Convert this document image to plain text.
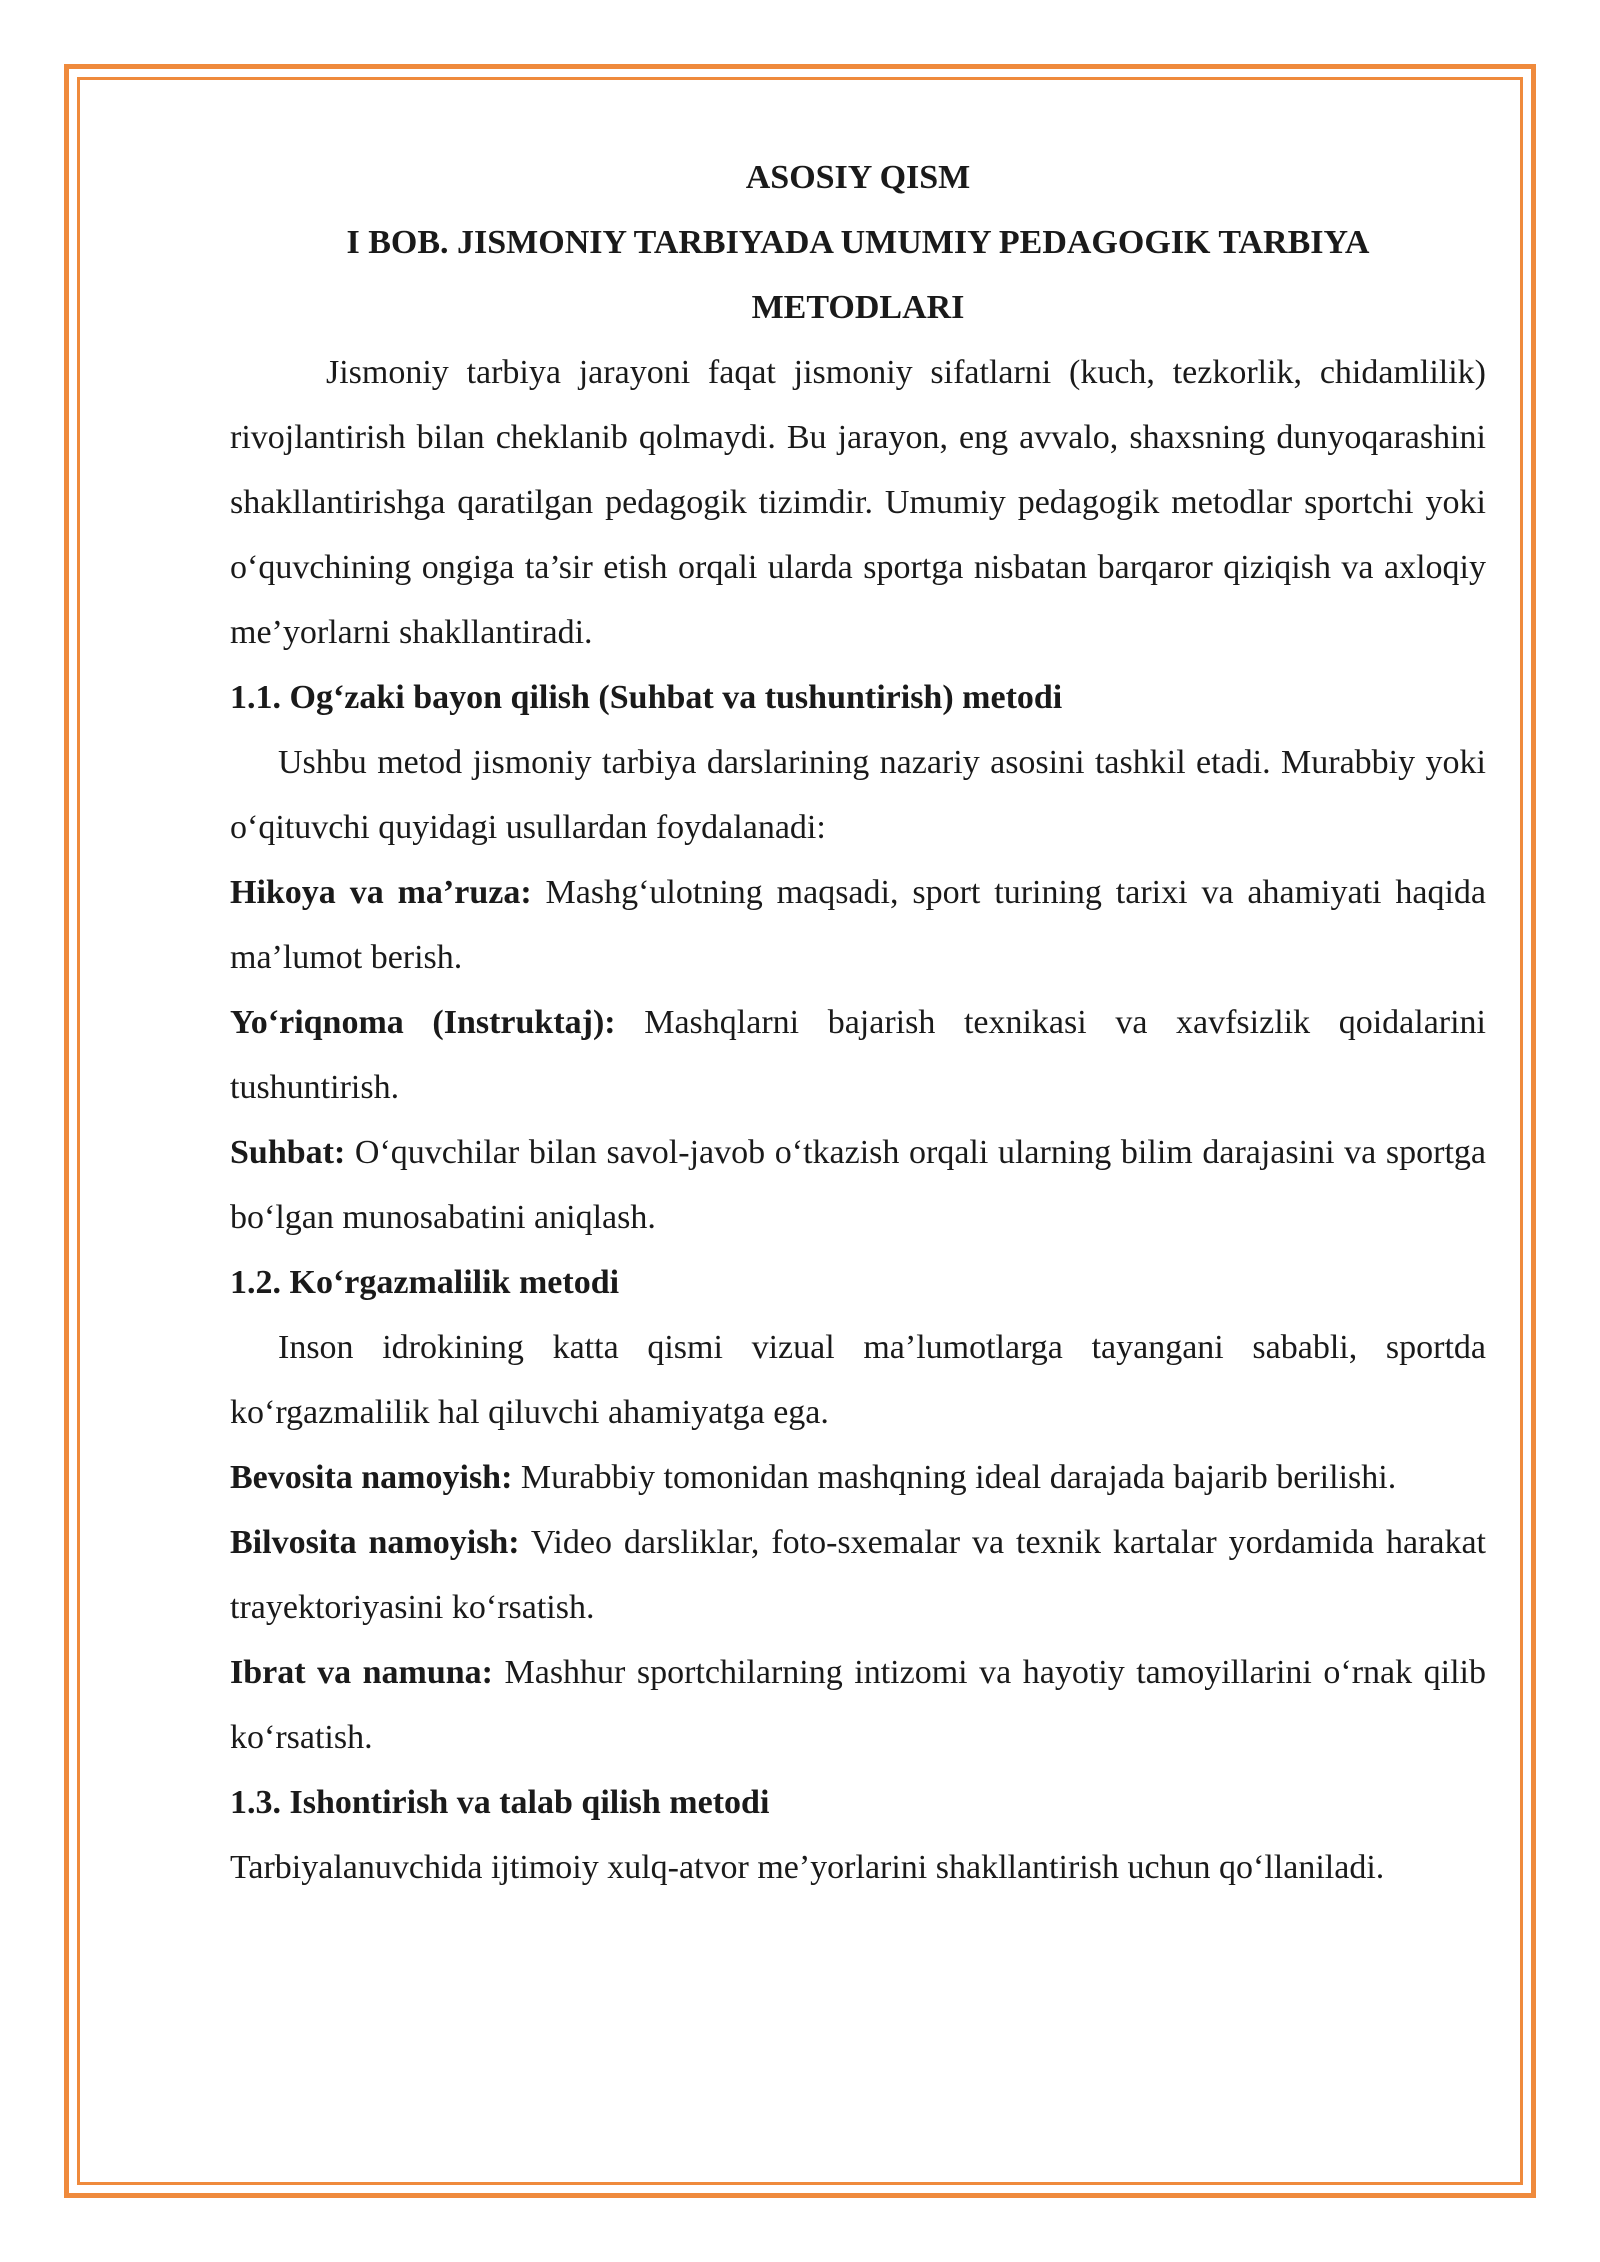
ASOSIY QISM

I BOB. JISMONIY TARBIYADA UMUMIY PEDAGOGIK TARBIYA METODLARI

Jismoniy tarbiya jarayoni faqat jismoniy sifatlarni (kuch, tezkorlik, chidamlilik) rivojlantirish bilan cheklanib qolmaydi. Bu jarayon, eng avvalo, shaxsning dunyoqarashini shakllantirishga qaratilgan pedagogik tizimdir. Umumiy pedagogik metodlar sportchi yoki o‘quvchining ongiga ta’sir etish orqali ularda sportga nisbatan barqaror qiziqish va axloqiy me’yorlarni shakllantiradi.

1.1. Og‘zaki bayon qilish (Suhbat va tushuntirish) metodi

Ushbu metod jismoniy tarbiya darslarining nazariy asosini tashkil etadi. Murabbiy yoki o‘qituvchi quyidagi usullardan foydalanadi:

Hikoya va ma’ruza: Mashg‘ulotning maqsadi, sport turining tarixi va ahamiyati haqida ma’lumot berish.

Yo‘riqnoma (Instruktaj): Mashqlarni bajarish texnikasi va xavfsizlik qoidalarini tushuntirish.

Suhbat: O‘quvchilar bilan savol-javob o‘tkazish orqali ularning bilim darajasini va sportga bo‘lgan munosabatini aniqlash.

1.2. Ko‘rgazmalilik metodi

Inson idrokining katta qismi vizual ma’lumotlarga tayangani sababli, sportda ko‘rgazmalilik hal qiluvchi ahamiyatga ega.

Bevosita namoyish: Murabbiy tomonidan mashqning ideal darajada bajarib berilishi.

Bilvosita namoyish: Video darsliklar, foto-sxemalar va texnik kartalar yordamida harakat trayektoriyasini ko‘rsatish.

Ibrat va namuna: Mashhur sportchilarning intizomi va hayotiy tamoyillarini o‘rnak qilib ko‘rsatish.

1.3. Ishontirish va talab qilish metodi

Tarbiyalanuvchida ijtimoiy xulq-atvor me’yorlarini shakllantirish uchun qo‘llaniladi.
